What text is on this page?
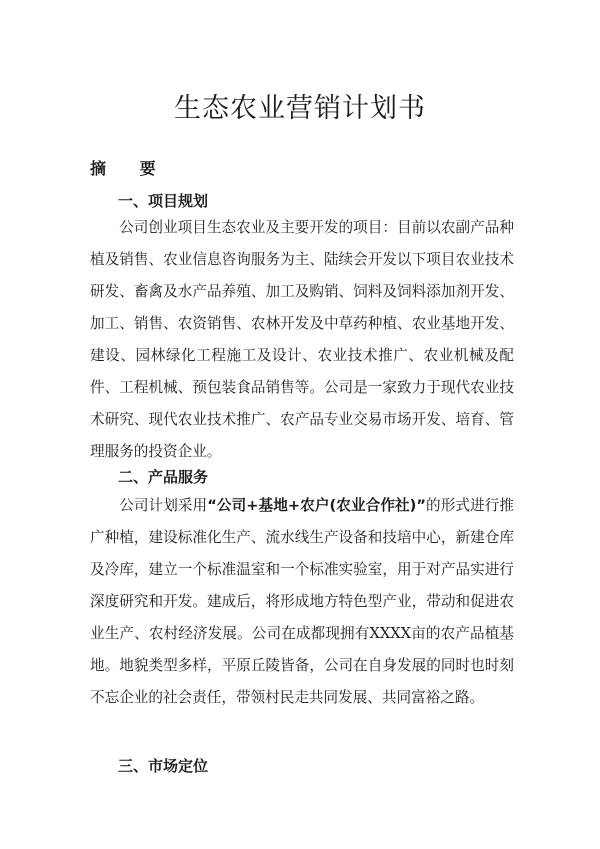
生态农业营销计划书
摘 要
一、项目规划

公司创业项目生态农业及主要开发的项目：目前以农副产品种植及销售、农业信息咨询服务为主、陆续会开发以下项目农业技术研发、畜禽及水产品养殖、加工及购销、饲料及饲料添加剂开发、加工、销售、农资销售、农林开发及中草药种植、农业基地开发、建设、园林绿化工程施工及设计、农业技术推广、农业机械及配件、工程机械、预包装食品销售等。公司是一家致力于现代农业技术研究、现代农业技术推广、农产品专业交易市场开发、培育、管理服务的投资企业。

二、产品服务

公司计划采用“公司+基地+农户(农业合作社)”的形式进行推广种植，建设标准化生产、流水线生产设备和技培中心，新建仓库及冷库，建立一个标准温室和一个标准实验室，用于对产品实进行深度研究和开发。建成后，将形成地方特色型产业，带动和促进农业生产、农村经济发展。公司在成都现拥有XXXX亩的农产品植基地。地貌类型多样，平原丘陵皆备，公司在自身发展的同时也时刻不忘企业的社会责任，带领村民走共同发展、共同富裕之路。

三、市场定位
